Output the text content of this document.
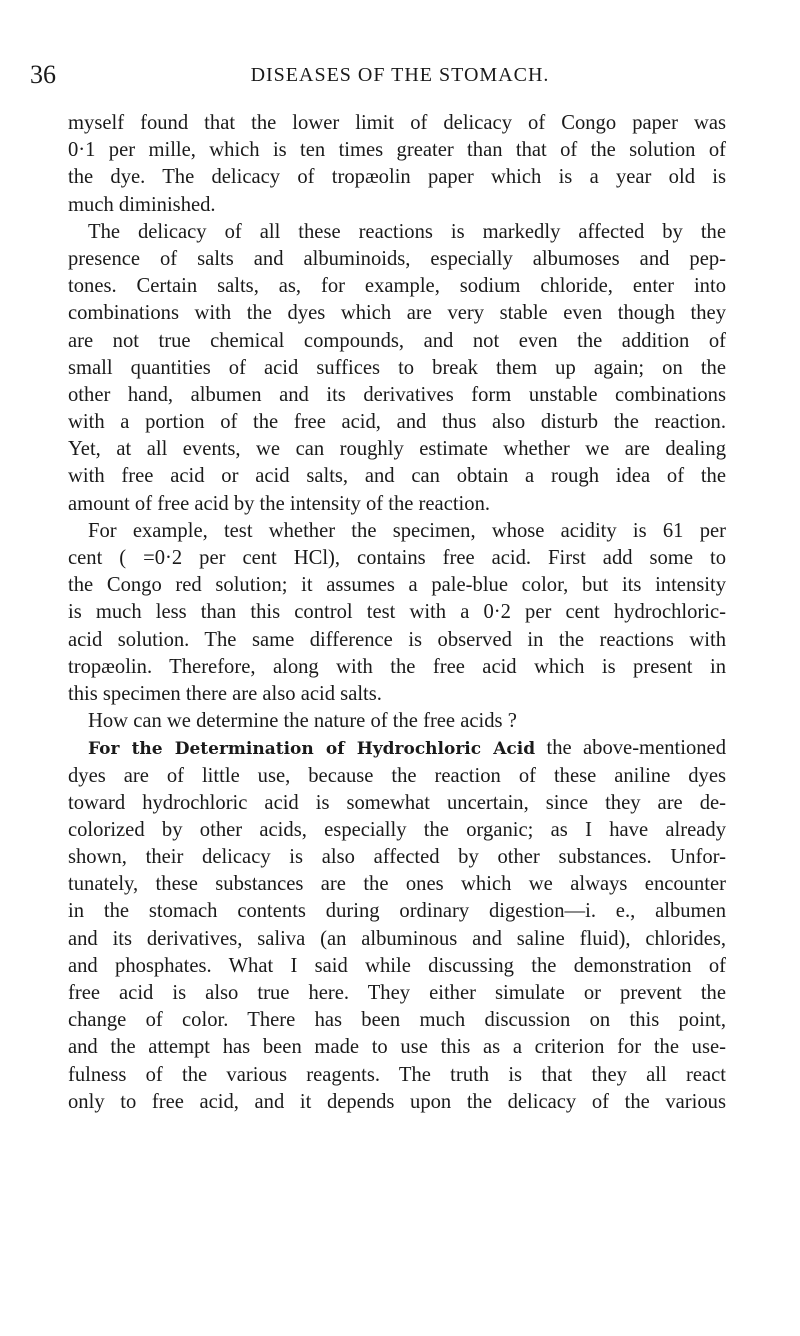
36	DISEASES OF THE STOMACH.
myself found that the lower limit of delicacy of Congo paper was
0·1 per mille, which is ten times greater than that of the solution of
the dye. The delicacy of tropæolin paper which is a year old is
much diminished.
The delicacy of all these reactions is markedly affected by the
presence of salts and albuminoids, especially albumoses and pep-
tones. Certain salts, as, for example, sodium chloride, enter into
combinations with the dyes which are very stable even though they
are not true chemical compounds, and not even the addition of
small quantities of acid suffices to break them up again; on the
other hand, albumen and its derivatives form unstable combinations
with a portion of the free acid, and thus also disturb the reaction.
Yet, at all events, we can roughly estimate whether we are dealing
with free acid or acid salts, and can obtain a rough idea of the
amount of free acid by the intensity of the reaction.
For example, test whether the specimen, whose acidity is 61 per
cent ( =0·2 per cent HCl), contains free acid. First add some to
the Congo red solution; it assumes a pale-blue color, but its intensity
is much less than this control test with a 0·2 per cent hydrochloric-
acid solution. The same difference is observed in the reactions with
tropæolin. Therefore, along with the free acid which is present in
this specimen there are also acid salts.
How can we determine the nature of the free acids ?
For the Determination of Hydrochloric Acid the above-mentioned
dyes are of little use, because the reaction of these aniline dyes
toward hydrochloric acid is somewhat uncertain, since they are de-
colorized by other acids, especially the organic; as I have already
shown, their delicacy is also affected by other substances. Unfor-
tunately, these substances are the ones which we always encounter
in the stomach contents during ordinary digestion—i. e., albumen
and its derivatives, saliva (an albuminous and saline fluid), chlorides,
and phosphates. What I said while discussing the demonstration of
free acid is also true here. They either simulate or prevent the
change of color. There has been much discussion on this point,
and the attempt has been made to use this as a criterion for the use-
fulness of the various reagents. The truth is that they all react
only to free acid, and it depends upon the delicacy of the various
